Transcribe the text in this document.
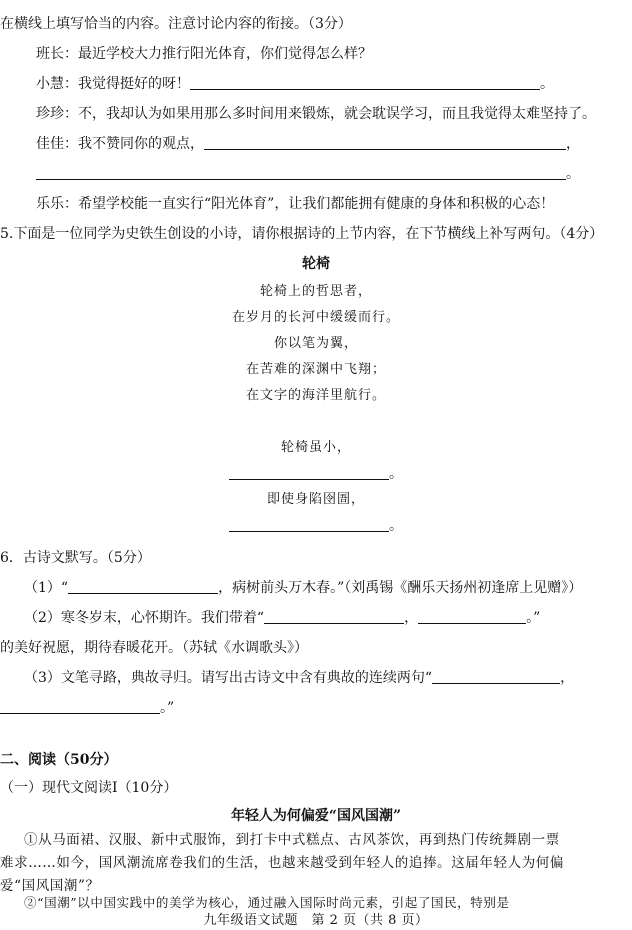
在横线上填写恰当的内容。注意讨论内容的衔接。（3分）
班长：最近学校大力推行阳光体育，你们觉得怎么样？
小慧：我觉得挺好的呀！	。
珍珍：不，我却认为如果用那么多时间用来锻炼，就会耽误学习，而且我觉得太难坚持了。
佳佳：我不赞同你的观点，	，
。
乐乐：希望学校能一直实行“阳光体育”，让我们都能拥有健康的身体和积极的心态！
5.下面是一位同学为史铁生创设的小诗，请你根据诗的上节内容，在下节横线上补写两句。（4分）
轮椅
轮椅上的哲思者，
在岁月的长河中缓缓而行。
你以笔为翼，
在苦难的深渊中飞翔；
在文字的海洋里航行。
轮椅虽小，
。
即使身陷囹圄，
。
6．古诗文默写。（5分）
（1）“	，病树前头万木春。”（刘禹锡《酬乐天扬州初逢席上见赠》）
（2）寒冬岁末，心怀期许。我们带着“	，	。”
的美好祝愿，期待春暖花开。（苏轼《水调歌头》）
（3）文笔寻路，典故寻归。请写出古诗文中含有典故的连续两句“	，
。”
二、阅读（50分）
（一）现代文阅读Ⅰ（10分）
年轻人为何偏爱“国风国潮”
①从马面裙、汉服、新中式服饰，到打卡中式糕点、古风茶饮，再到热门传统舞剧一票
难求……如今，国风潮流席卷我们的生活，也越来越受到年轻人的追捧。这届年轻人为何偏
爱“国风国潮”？
②“国潮”以中国实践中的美学为核心，通过融入国际时尚元素，引起了国民，特别是
九年级语文试题　第 2 页（共 8 页）
